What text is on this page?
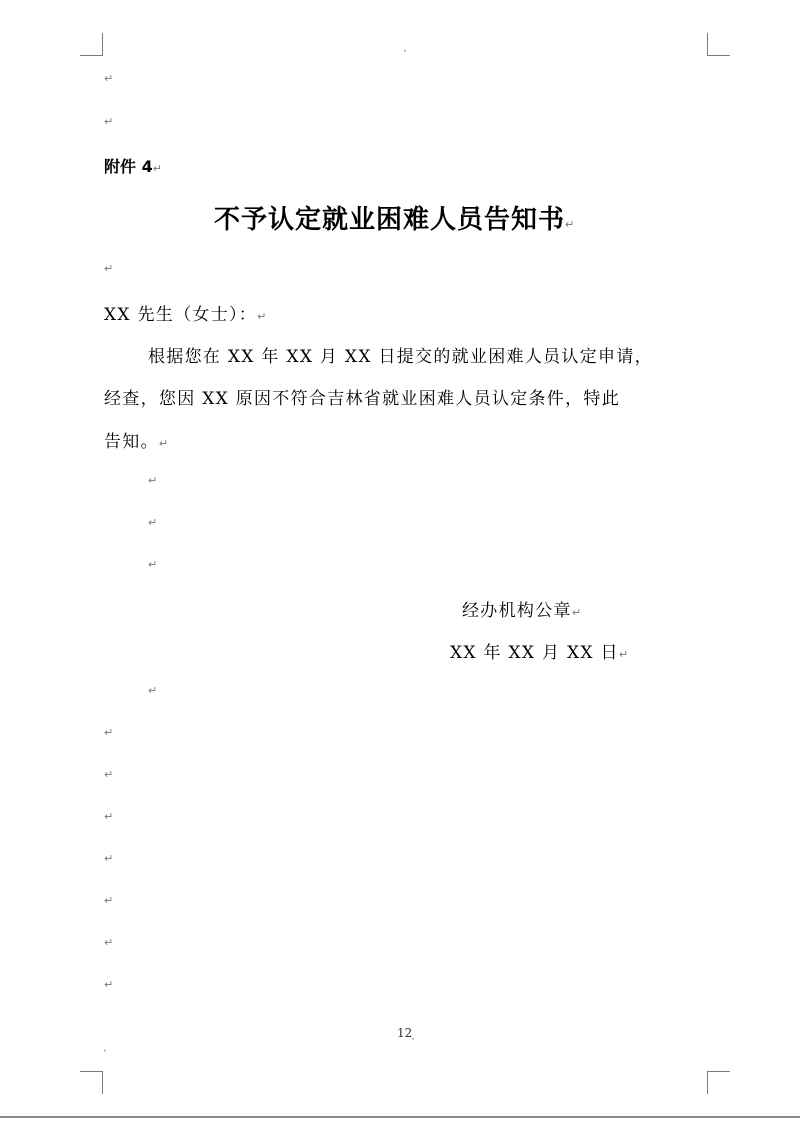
⸼
↵
↵
附件 4↵
不予认定就业困难人员告知书↵
↵
XX 先生（女士）：↵
根据您在 XX 年 XX 月 XX 日提交的就业困难人员认定申请，
经查，您因 XX 原因不符合吉林省就业困难人员认定条件，特此
告知。↵
↵
↵
↵
经办机构公章↵
XX 年 XX 月 XX 日↵
↵
↵
↵
↵
↵
↵
↵
↵
12⸼
⸼
